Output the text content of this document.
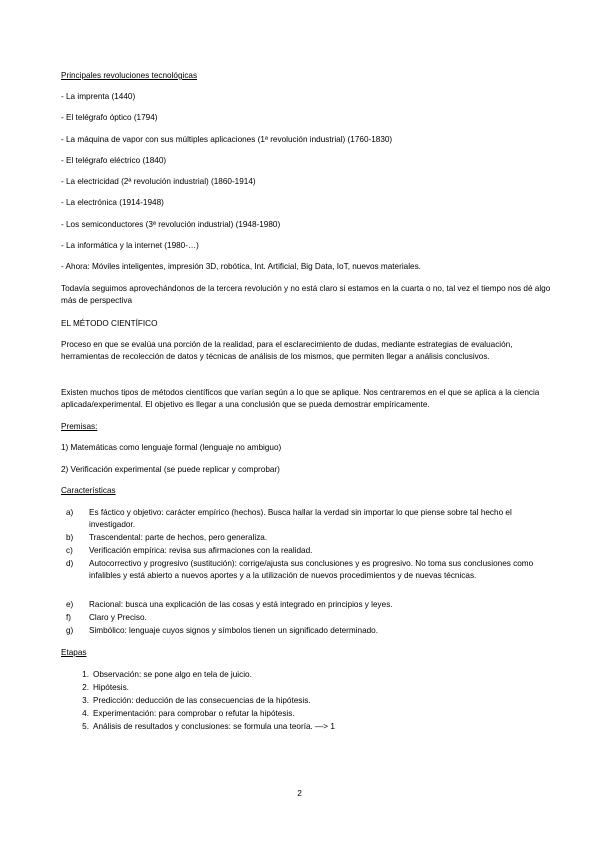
Principales revoluciones tecnológicas
- La imprenta (1440)
- El telégrafo óptico (1794)
- La máquina de vapor con sus múltiples aplicaciones (1ª revolución industrial) (1760-1830)
- El telégrafo eléctrico (1840)
- La electricidad (2ª revolución industrial) (1860-1914)
- La electrónica (1914-1948)
- Los semiconductores (3ª revolución industrial) (1948-1980)
- La informática y la internet (1980-…)
- Ahora: Móviles inteligentes, impresión 3D, robótica, Int. Artificial, Big Data, IoT, nuevos materiales.
Todavía seguimos aprovechándonos de la tercera revolución y no está claro si estamos en la cuarta o no, tal vez el tiempo nos dé algo más de perspectiva
EL MÉTODO CIENTÍFICO
Proceso en que se evalúa una porción de la realidad, para el esclarecimiento de dudas, mediante estrategias de evaluación, herramientas de recolección de datos y técnicas de análisis de los mismos, que permiten llegar a análisis conclusivos.
Existen muchos tipos de métodos científicos que varían según a lo que se aplique. Nos centraremos en el que se aplica a la ciencia aplicada/experimental. El objetivo es llegar a una conclusión que se pueda demostrar empíricamente.
Premisas:
1) Matemáticas como lenguaje formal (lenguaje no ambiguo)
2) Verificación experimental (se puede replicar y comprobar)
Características
a)	Es fáctico y objetivo: carácter empírico (hechos). Busca hallar la verdad sin importar lo que piense sobre tal hecho el investigador.
b)	Trascendental: parte de hechos, pero generaliza.
c)	Verificación empírica: revisa sus afirmaciones con la realidad.
d)	Autocorrectivo y progresivo (sustitución): corrige/ajusta sus conclusiones y es progresivo. No toma sus conclusiones como infalibles y está abierto a nuevos aportes y a la utilización de nuevos procedimientos y de nuevas técnicas.
e)	Racional: busca una explicación de las cosas y está integrado en principios y leyes.
f)	Claro y Preciso.
g)	Simbólico: lenguaje cuyos signos y símbolos tienen un significado determinado.
Etapas
1. Observación: se pone algo en tela de juicio.
2. Hipótesis.
3. Predicción: deducción de las consecuencias de la hipótesis.
4. Experimentación: para comprobar o refutar la hipótesis.
5. Análisis de resultados y conclusiones: se formula una teoría. —> 1
2
